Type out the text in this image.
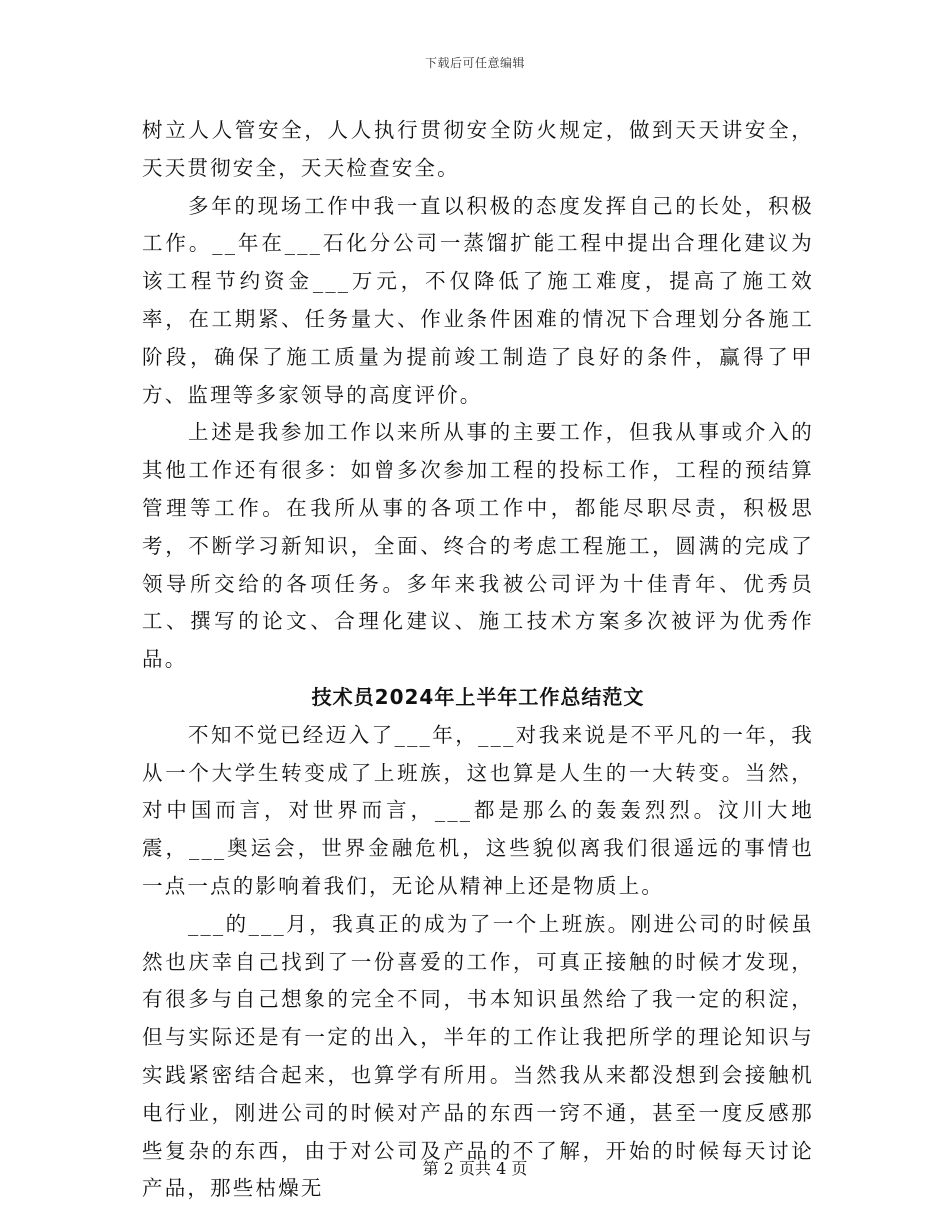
下载后可任意编辑

树立人人管安全，人人执行贯彻安全防火规定，做到天天讲安全，天天贯彻安全，天天检查安全。

多年的现场工作中我一直以积极的态度发挥自己的长处，积极工作。__年在___石化分公司一蒸馏扩能工程中提出合理化建议为该工程节约资金___万元，不仅降低了施工难度，提高了施工效率，在工期紧、任务量大、作业条件困难的情况下合理划分各施工阶段，确保了施工质量为提前竣工制造了良好的条件，赢得了甲方、监理等多家领导的高度评价。

上述是我参加工作以来所从事的主要工作，但我从事或介入的其他工作还有很多：如曾多次参加工程的投标工作，工程的预结算管理等工作。在我所从事的各项工作中，都能尽职尽责，积极思考，不断学习新知识，全面、终合的考虑工程施工，圆满的完成了领导所交给的各项任务。多年来我被公司评为十佳青年、优秀员工、撰写的论文、合理化建议、施工技术方案多次被评为优秀作品。

技术员2024年上半年工作总结范文

不知不觉已经迈入了___年，___对我来说是不平凡的一年，我从一个大学生转变成了上班族，这也算是人生的一大转变。当然，对中国而言，对世界而言，___都是那么的轰轰烈烈。汶川大地震，___奥运会，世界金融危机，这些貌似离我们很遥远的事情也一点一点的影响着我们，无论从精神上还是物质上。

___的___月，我真正的成为了一个上班族。刚进公司的时候虽然也庆幸自己找到了一份喜爱的工作，可真正接触的时候才发现，有很多与自己想象的完全不同，书本知识虽然给了我一定的积淀，但与实际还是有一定的出入，半年的工作让我把所学的理论知识与实践紧密结合起来，也算学有所用。当然我从来都没想到会接触机电行业，刚进公司的时候对产品的东西一窍不通，甚至一度反感那些复杂的东西，由于对公司及产品的不了解，开始的时候每天讨论产品，那些枯燥无

第 2 页共 4 页
